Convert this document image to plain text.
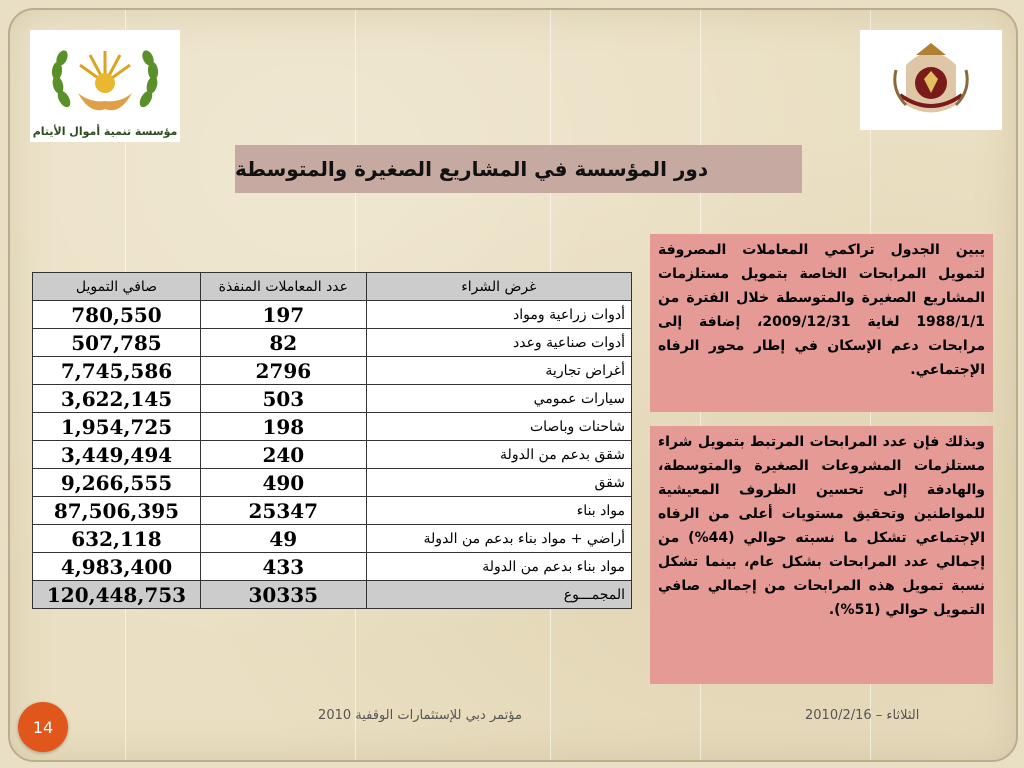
مؤسسة تنمية أموال الأيتام
دور المؤسسة في المشاريع الصغيرة والمتوسطة
غرض الشراء	عدد المعاملات المنفذة	صافي التمويل
أدوات زراعية ومواد	197	780,550
أدوات صناعية وعدد	82	507,785
أغراض تجارية	2796	7,745,586
سيارات عمومي	503	3,622,145
شاحنات وباصات	198	1,954,725
شقق بدعم من الدولة	240	3,449,494
شقق	490	9,266,555
مواد بناء	25347	87,506,395
أراضي + مواد بناء بدعم من الدولة	49	632,118
مواد بناء بدعم من الدولة	433	4,983,400
المجمـــوع	30335	120,448,753
يبين الجدول تراكمي المعاملات المصروفة لتمويل المرابحات الخاصة بتمويل مستلزمات المشاريع الصغيرة والمتوسطة خلال الفترة من 1988/1/1 لغاية 2009/12/31، إضافة إلى مرابحات دعم الإسكان في إطار محور الرفاه الإجتماعي.
وبذلك فإن عدد المرابحات المرتبط بتمويل شراء مستلزمات المشروعات الصغيرة والمتوسطة، والهادفة إلى تحسين الظروف المعيشية للمواطنين وتحقيق مستويات أعلى من الرفاه الإجتماعي تشكل ما نسبته حوالي (44%) من إجمالي عدد المرابحات بشكل عام، بينما تشكل نسبة تمويل هذه المرابحات من إجمالي صافي التمويل حوالي (51%).
14
مؤتمر دبي للإستثمارات الوقفية 2010	الثلاثاء – 2010/2/16
